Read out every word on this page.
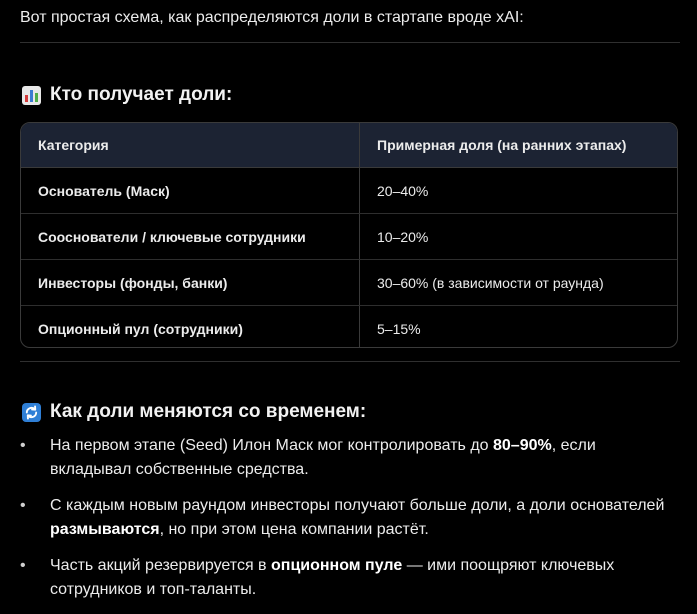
Вот простая схема, как распределяются доли в стартапе вроде xAI:
Кто получает доли:
Категория	Примерная доля (на ранних этапах)
Основатель (Маск)	20–40%
Сооснователи / ключевые сотрудники	10–20%
Инвесторы (фонды, банки)	30–60% (в зависимости от раунда)
Опционный пул (сотрудники)	5–15%
Как доли меняются со временем:
• На первом этапе (Seed) Илон Маск мог контролировать до 80–90%, если вкладывал собственные средства.
• С каждым новым раундом инвесторы получают больше доли, а доли основателей размываются, но при этом цена компании растёт.
• Часть акций резервируется в опционном пуле — ими поощряют ключевых сотрудников и топ-таланты.
